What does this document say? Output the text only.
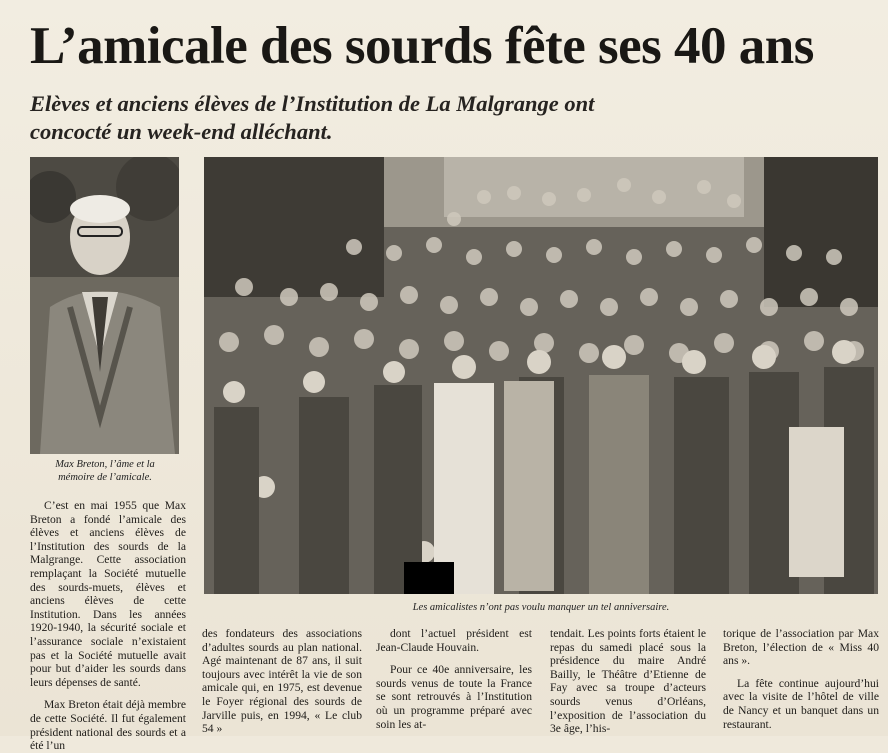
L’amicale des sourds fête ses 40 ans
Elèves et anciens élèves de l’Institution de La Malgrange ont
concocté un week-end alléchant.
Max Breton, l’âme et la mémoire de l’amicale.
Les amicalistes n’ont pas voulu manquer un tel anniversaire.

C’est en mai 1955 que Max Breton a fondé l’amicale des élèves et anciens élèves de l’Institution des sourds de la Malgrange. Cette association remplaçant la Société mutuelle des sourds-muets, élèves et anciens élèves de cette Institution. Dans les années 1920-1940, la sécurité sociale et l’assurance sociale n’existaient pas et la Société mutuelle avait pour but d’aider les sourds dans leurs dépenses de santé.

Max Breton était déjà membre de cette Société. Il fut également président national des sourds et a été l’un

des fondateurs des associations d’adultes sourds au plan national. Agé maintenant de 87 ans, il suit toujours avec intérêt la vie de son amicale qui, en 1975, est devenue le Foyer régional des sourds de Jarville puis, en 1994, « Le club 54 »

dont l’actuel président est Jean-Claude Houvain.

Pour ce 40e anniversaire, les sourds venus de toute la France se sont retrouvés à l’Institution où un programme préparé avec soin les at-

tendait. Les points forts étaient le repas du samedi placé sous la présidence du maire André Bailly, le Théâtre d’Etienne de Fay avec sa troupe d’acteurs sourds venus d’Orléans, l’exposition de l’association du 3e âge, l’his-

torique de l’association par Max Breton, l’élection de « Miss 40 ans ».

La fête continue aujourd’hui avec la visite de l’hôtel de ville de Nancy et un banquet dans un restaurant.
